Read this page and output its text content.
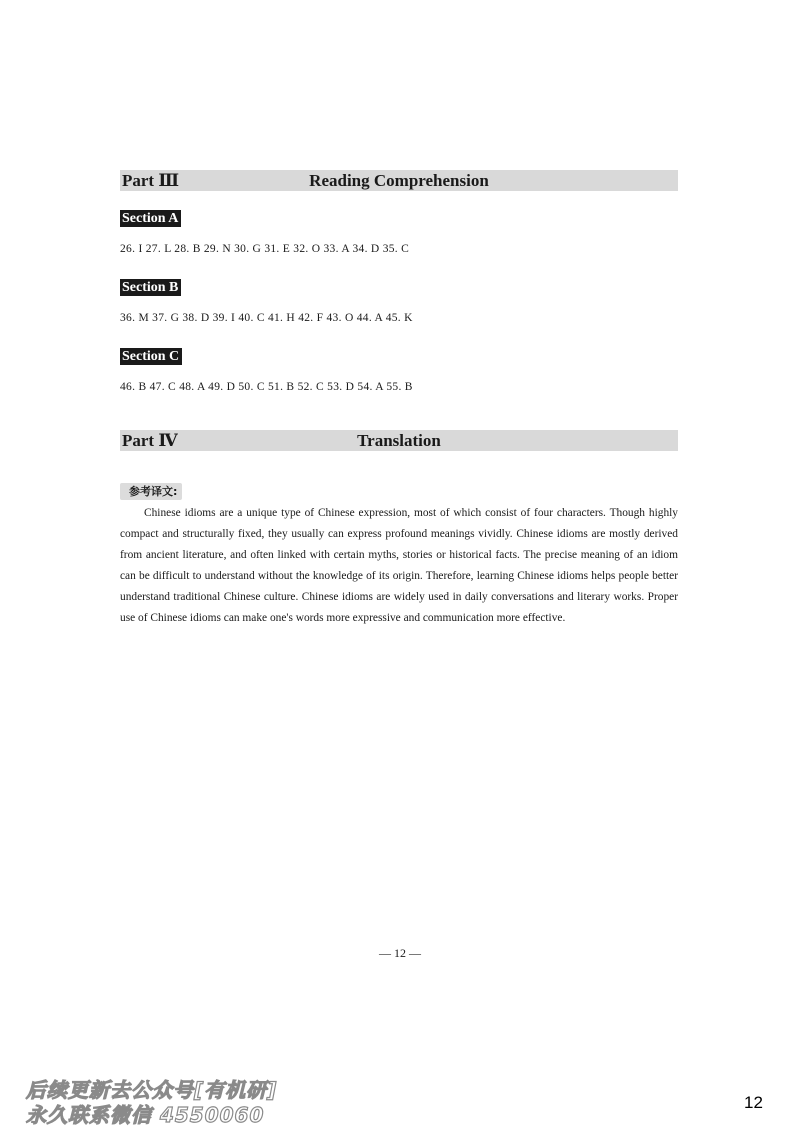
Part Ⅲ	Reading Comprehension
Section A
26. I 27. L 28. B 29. N 30. G 31. E 32. O 33. A 34. D 35. C
Section B
36. M 37. G 38. D 39. I 40. C 41. H 42. F 43. O 44. A 45. K
Section C
46. B 47. C 48. A 49. D 50. C 51. B 52. C 53. D 54. A 55. B
Part Ⅳ	Translation
参考译文:

Chinese idioms are a unique type of Chinese expression, most of which consist of four characters. Though highly compact and structurally fixed, they usually can express profound meanings vividly. Chinese idioms are mostly derived from ancient literature, and often linked with certain myths, stories or historical facts. The precise meaning of an idiom can be difficult to understand without the knowledge of its origin. Therefore, learning Chinese idioms helps people better understand traditional Chinese culture. Chinese idioms are widely used in daily conversations and literary works. Proper use of Chinese idioms can make one's words more expressive and communication more effective.

— 12 —
后续更新去公众号[有机研]
永久联系微信 4550060
12
